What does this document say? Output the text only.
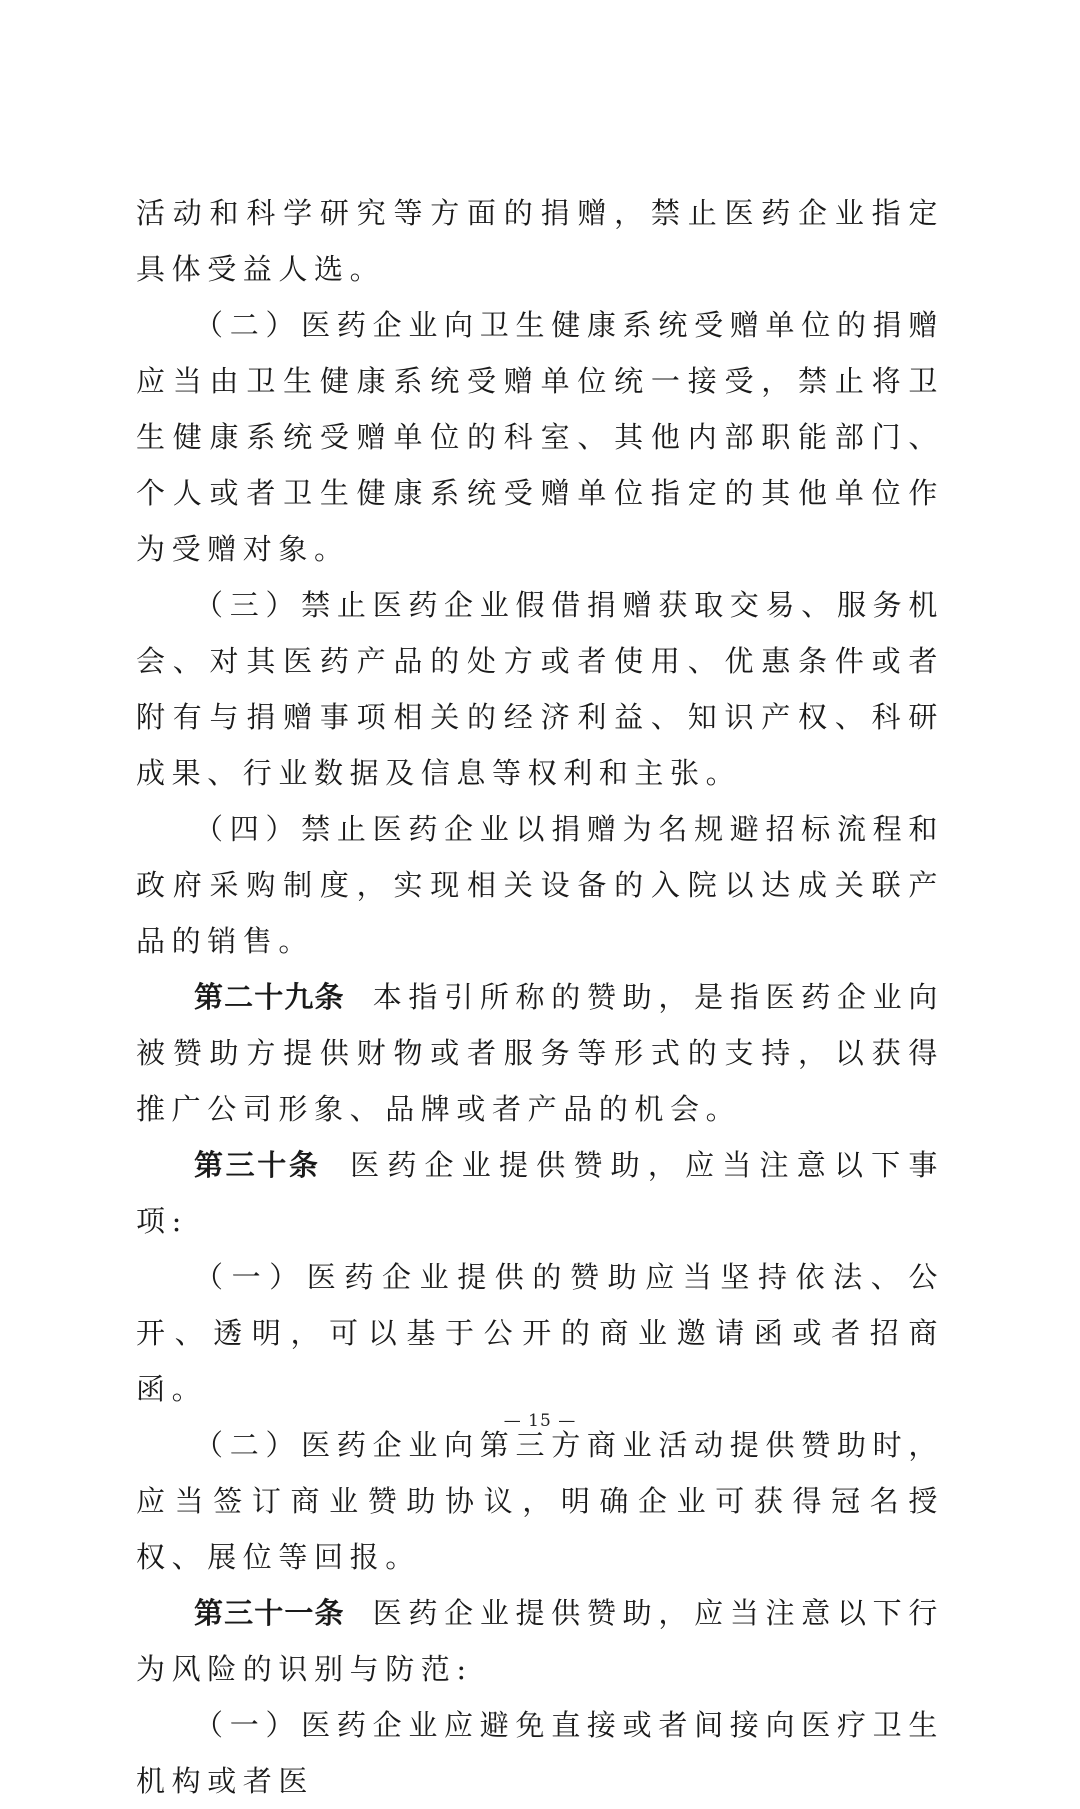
活动和科学研究等方面的捐赠，禁止医药企业指定具体受益人选。

（二）医药企业向卫生健康系统受赠单位的捐赠应当由卫生健康系统受赠单位统一接受，禁止将卫生健康系统受赠单位的科室、其他内部职能部门、个人或者卫生健康系统受赠单位指定的其他单位作为受赠对象。

（三）禁止医药企业假借捐赠获取交易、服务机会、对其医药产品的处方或者使用、优惠条件或者附有与捐赠事项相关的经济利益、知识产权、科研成果、行业数据及信息等权利和主张。

（四）禁止医药企业以捐赠为名规避招标流程和政府采购制度，实现相关设备的入院以达成关联产品的销售。

第二十九条 本指引所称的赞助，是指医药企业向被赞助方提供财物或者服务等形式的支持，以获得推广公司形象、品牌或者产品的机会。

第三十条 医药企业提供赞助，应当注意以下事项:

（一）医药企业提供的赞助应当坚持依法、公开、透明，可以基于公开的商业邀请函或者招商函。

（二）医药企业向第三方商业活动提供赞助时，应当签订商业赞助协议，明确企业可获得冠名授权、展位等回报。

第三十一条 医药企业提供赞助，应当注意以下行为风险的识别与防范:

（一）医药企业应避免直接或者间接向医疗卫生机构或者医

— 15 —
